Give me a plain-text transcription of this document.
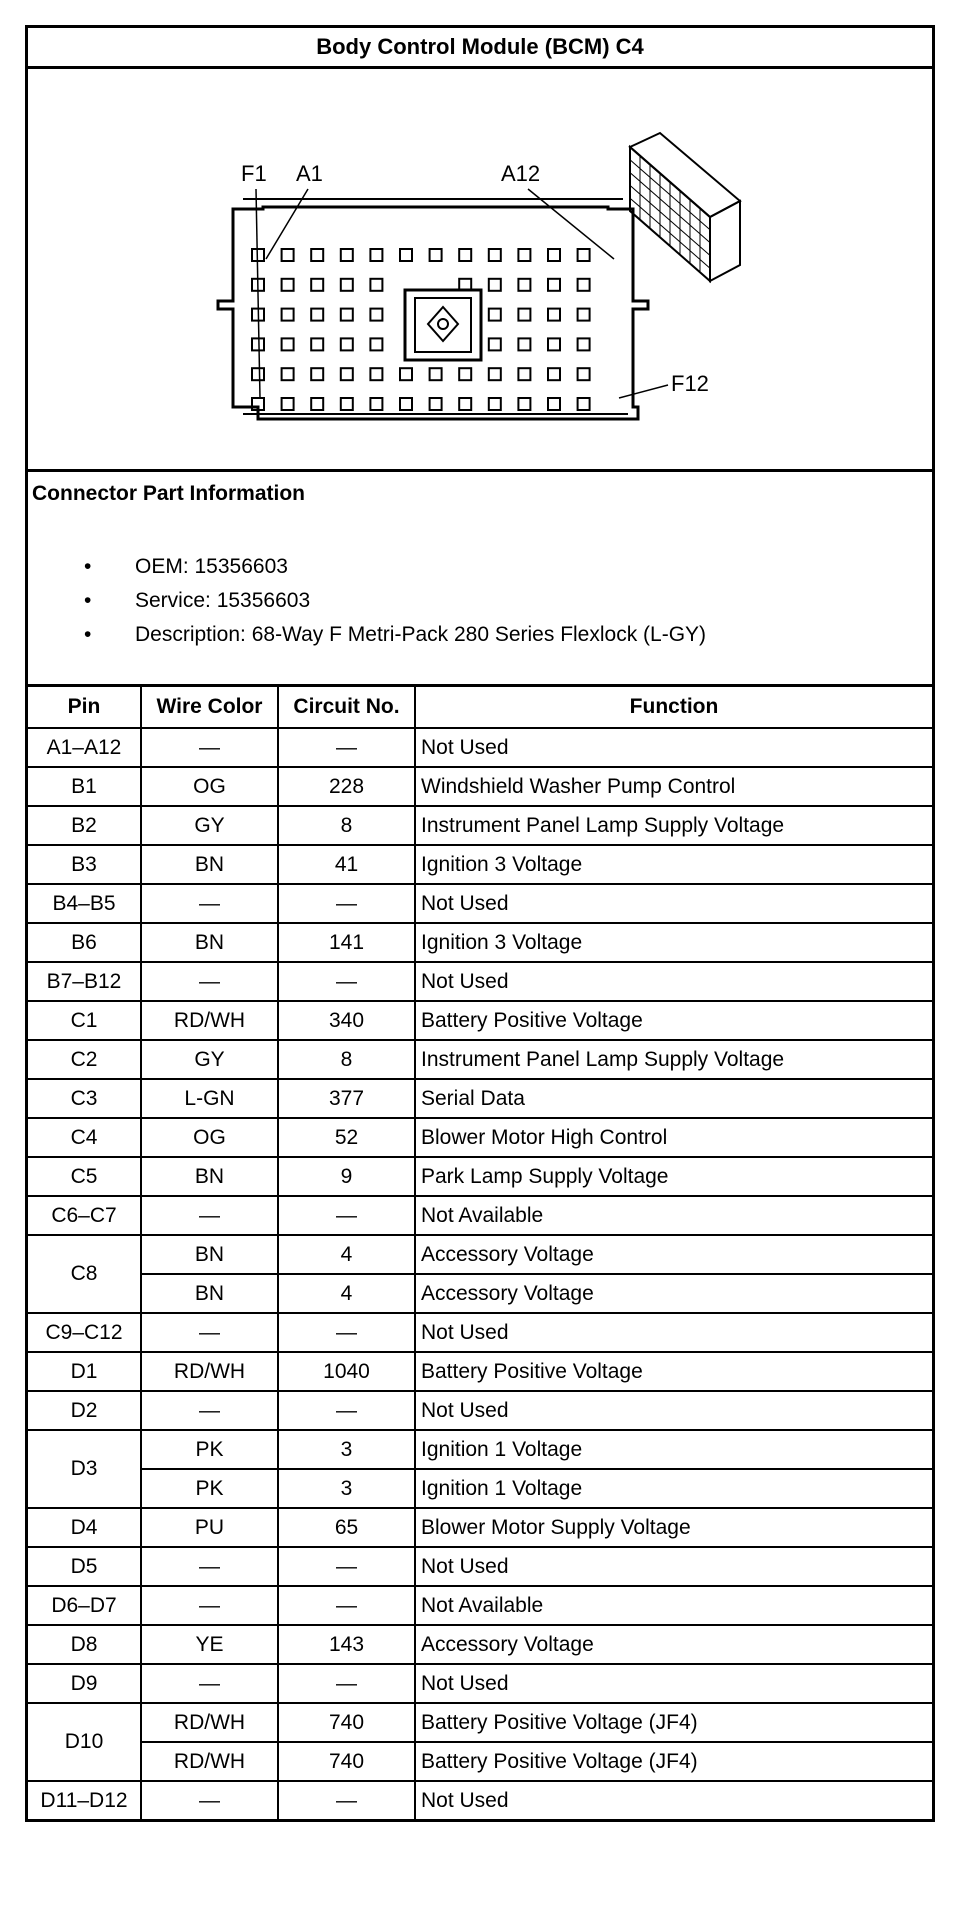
Body Control Module (BCM) C4
F1 A1	A12
F12
Connector Part Information
• OEM: 15356603
• Service: 15356603
• Description: 68-Way F Metri-Pack 280 Series Flexlock (L-GY)
Pin	Wire Color	Circuit No.	Function
A1–A12	—	—	Not Used
B1	OG	228	Windshield Washer Pump Control
B2	GY	8	Instrument Panel Lamp Supply Voltage
B3	BN	41	Ignition 3 Voltage
B4–B5	—	—	Not Used
B6	BN	141	Ignition 3 Voltage
B7–B12	—	—	Not Used
C1	RD/WH	340	Battery Positive Voltage
C2	GY	8	Instrument Panel Lamp Supply Voltage
C3	L-GN	377	Serial Data
C4	OG	52	Blower Motor High Control
C5	BN	9	Park Lamp Supply Voltage
C6–C7	—	—	Not Available
C8	BN	4	Accessory Voltage
	BN	4	Accessory Voltage
C9–C12	—	—	Not Used
D1	RD/WH	1040	Battery Positive Voltage
D2	—	—	Not Used
D3	PK	3	Ignition 1 Voltage
	PK	3	Ignition 1 Voltage
D4	PU	65	Blower Motor Supply Voltage
D5	—	—	Not Used
D6–D7	—	—	Not Available
D8	YE	143	Accessory Voltage
D9	—	—	Not Used
D10	RD/WH	740	Battery Positive Voltage (JF4)
	RD/WH	740	Battery Positive Voltage (JF4)
D11–D12	—	—	Not Used
